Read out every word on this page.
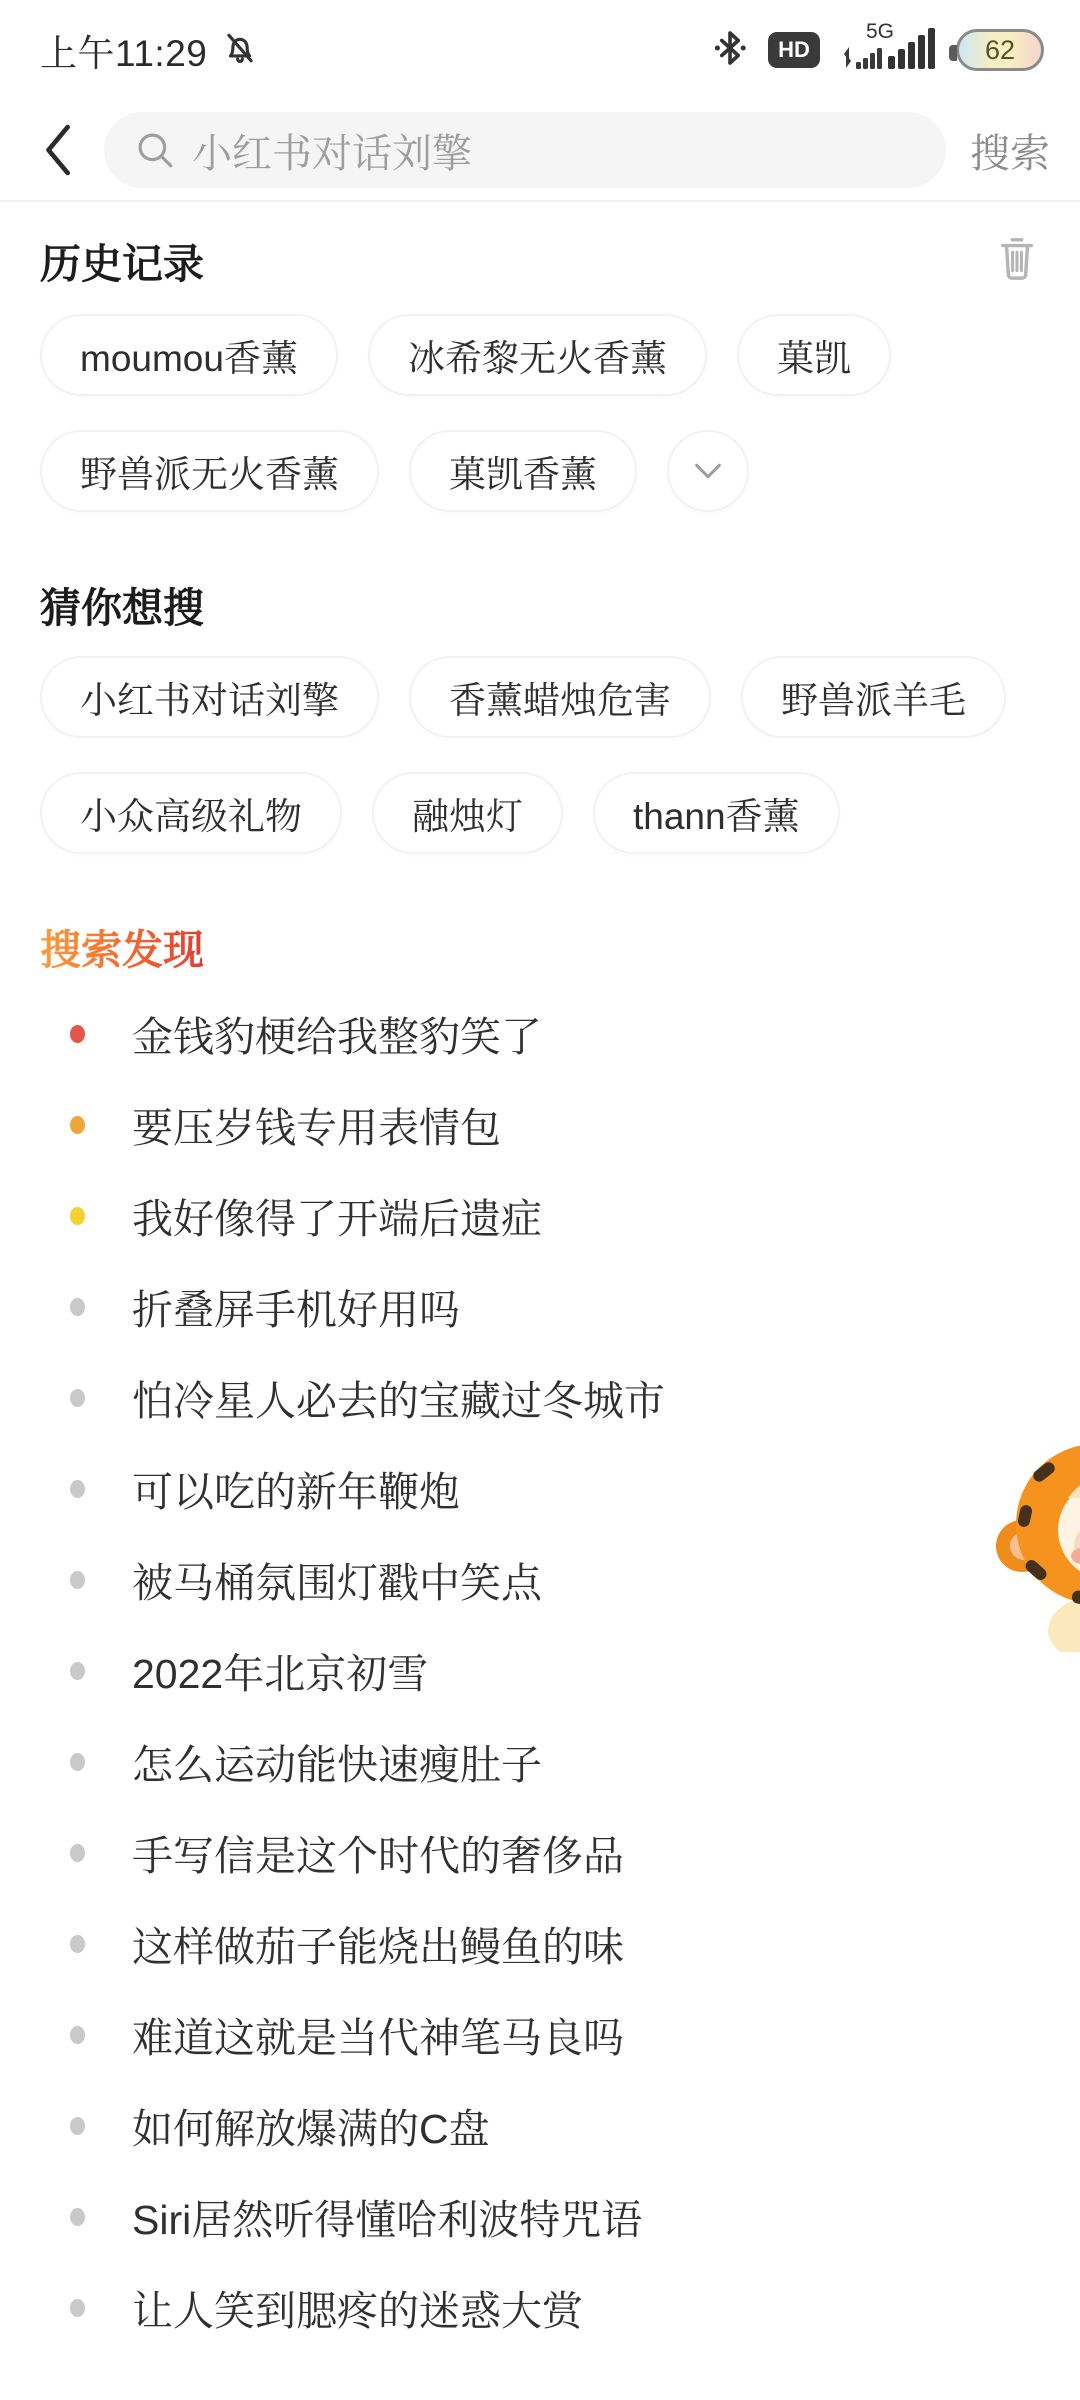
上午11:29	HD
5G
62
小红书对话刘擎	搜索
历史记录
moumou香薰	冰希黎无火香薰	菓凯
野兽派无火香薰	菓凯香薰
猜你想搜
小红书对话刘擎	香薰蜡烛危害	野兽派羊毛
小众高级礼物	融烛灯	thann香薰
搜索发现
金钱豹梗给我整豹笑了
要压岁钱专用表情包
我好像得了开端后遗症
折叠屏手机好用吗
怕冷星人必去的宝藏过冬城市
可以吃的新年鞭炮
被马桶氛围灯戳中笑点
2022年北京初雪
怎么运动能快速瘦肚子
手写信是这个时代的奢侈品
这样做茄子能烧出鳗鱼的味
难道这就是当代神笔马良吗
如何解放爆满的C盘
Siri居然听得懂哈利波特咒语
让人笑到腮疼的迷惑大赏
